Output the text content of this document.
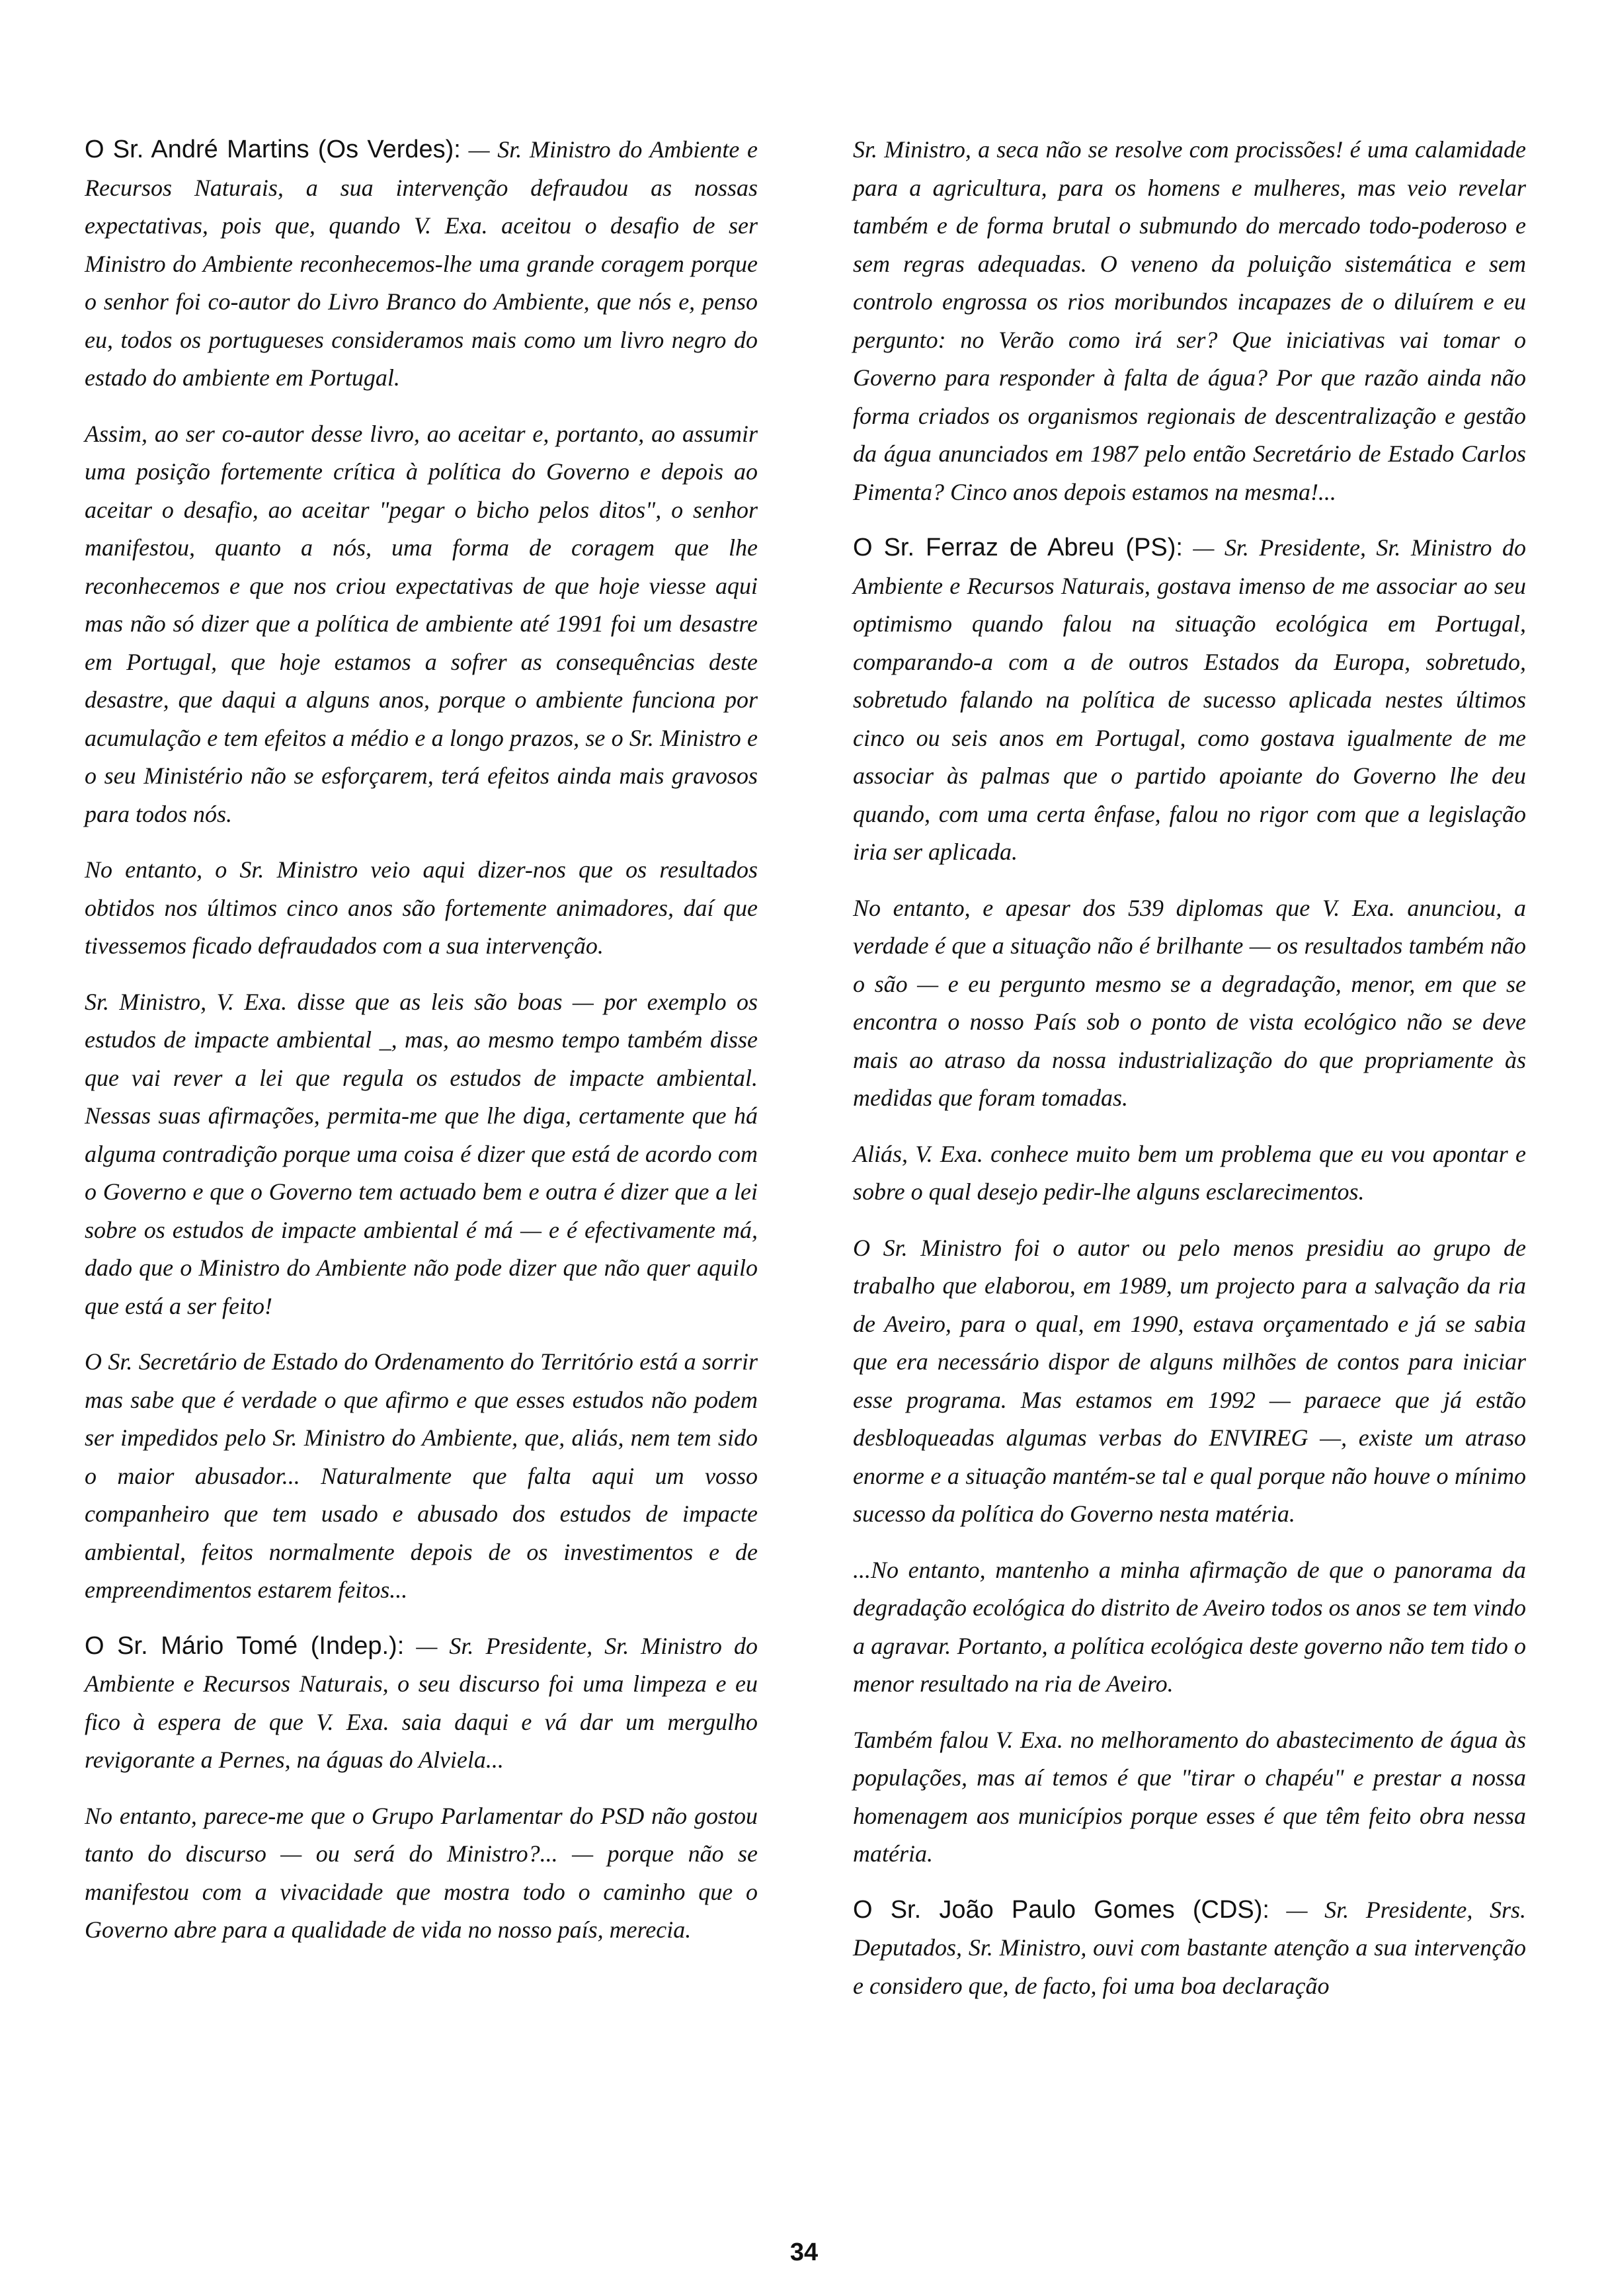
O Sr. André Martins (Os Verdes): — Sr. Ministro do Ambiente e Recursos Naturais, a sua intervenção defraudou as nossas expectativas, pois que, quando V. Exa. aceitou o desafio de ser Ministro do Ambiente reconhecemos-lhe uma grande coragem porque o senhor foi co-autor do Livro Branco do Ambiente, que nós e, penso eu, todos os portugueses consideramos mais como um livro negro do estado do ambiente em Portugal.

Assim, ao ser co-autor desse livro, ao aceitar e, portanto, ao assumir uma posição fortemente crítica à política do Governo e depois ao aceitar o desafio, ao aceitar "pegar o bicho pelos ditos", o senhor manifestou, quanto a nós, uma forma de coragem que lhe reconhecemos e que nos criou expectativas de que hoje viesse aqui mas não só dizer que a política de ambiente até 1991 foi um desastre em Portugal, que hoje estamos a sofrer as consequências deste desastre, que daqui a alguns anos, porque o ambiente funciona por acumulação e tem efeitos a médio e a longo prazos, se o Sr. Ministro e o seu Ministério não se esforçarem, terá efeitos ainda mais gravosos para todos nós.

No entanto, o Sr. Ministro veio aqui dizer-nos que os resultados obtidos nos últimos cinco anos são fortemente animadores, daí que tivessemos ficado defraudados com a sua intervenção.

Sr. Ministro, V. Exa. disse que as leis são boas — por exemplo os estudos de impacte ambiental _, mas, ao mesmo tempo também disse que vai rever a lei que regula os estudos de impacte ambiental. Nessas suas afirmações, permita-me que lhe diga, certamente que há alguma contradição porque uma coisa é dizer que está de acordo com o Governo e que o Governo tem actuado bem e outra é dizer que a lei sobre os estudos de impacte ambiental é má — e é efectivamente má, dado que o Ministro do Ambiente não pode dizer que não quer aquilo que está a ser feito!

O Sr. Secretário de Estado do Ordenamento do Território está a sorrir mas sabe que é verdade o que afirmo e que esses estudos não podem ser impedidos pelo Sr. Ministro do Ambiente, que, aliás, nem tem sido o maior abusador... Naturalmente que falta aqui um vosso companheiro que tem usado e abusado dos estudos de impacte ambiental, feitos normalmente depois de os investimentos e de empreendimentos estarem feitos...

O Sr. Mário Tomé (Indep.): — Sr. Presidente, Sr. Ministro do Ambiente e Recursos Naturais, o seu discurso foi uma limpeza e eu fico à espera de que V. Exa. saia daqui e vá dar um mergulho revigorante a Pernes, na águas do Alviela...

No entanto, parece-me que o Grupo Parlamentar do PSD não gostou tanto do discurso — ou será do Ministro?... — porque não se manifestou com a vivacidade que mostra todo o caminho que o Governo abre para a qualidade de vida no nosso país, merecia.

Sr. Ministro, a seca não se resolve com procissões! é uma calamidade para a agricultura, para os homens e mulheres, mas veio revelar também e de forma brutal o submundo do mercado todo-poderoso e sem regras adequadas. O veneno da poluição sistemática e sem controlo engrossa os rios moribundos incapazes de o diluírem e eu pergunto: no Verão como irá ser? Que iniciativas vai tomar o Governo para responder à falta de água? Por que razão ainda não forma criados os organismos regionais de descentralização e gestão da água anunciados em 1987 pelo então Secretário de Estado Carlos Pimenta? Cinco anos depois estamos na mesma!...

O Sr. Ferraz de Abreu (PS): — Sr. Presidente, Sr. Ministro do Ambiente e Recursos Naturais, gostava imenso de me associar ao seu optimismo quando falou na situação ecológica em Portugal, comparando-a com a de outros Estados da Europa, sobretudo, sobretudo falando na política de sucesso aplicada nestes últimos cinco ou seis anos em Portugal, como gostava igualmente de me associar às palmas que o partido apoiante do Governo lhe deu quando, com uma certa ênfase, falou no rigor com que a legislação iria ser aplicada.

No entanto, e apesar dos 539 diplomas que V. Exa. anunciou, a verdade é que a situação não é brilhante — os resultados também não o são — e eu pergunto mesmo se a degradação, menor, em que se encontra o nosso País sob o ponto de vista ecológico não se deve mais ao atraso da nossa industrialização do que propriamente às medidas que foram tomadas.

Aliás, V. Exa. conhece muito bem um problema que eu vou apontar e sobre o qual desejo pedir-lhe alguns esclarecimentos.

O Sr. Ministro foi o autor ou pelo menos presidiu ao grupo de trabalho que elaborou, em 1989, um projecto para a salvação da ria de Aveiro, para o qual, em 1990, estava orçamentado e já se sabia que era necessário dispor de alguns milhões de contos para iniciar esse programa. Mas estamos em 1992 — paraece que já estão desbloqueadas algumas verbas do ENVIREG —, existe um atraso enorme e a situação mantém-se tal e qual porque não houve o mínimo sucesso da política do Governo nesta matéria.

...No entanto, mantenho a minha afirmação de que o panorama da degradação ecológica do distrito de Aveiro todos os anos se tem vindo a agravar. Portanto, a política ecológica deste governo não tem tido o menor resultado na ria de Aveiro.

Também falou V. Exa. no melhoramento do abastecimento de água às populações, mas aí temos é que "tirar o chapéu" e prestar a nossa homenagem aos municípios porque esses é que têm feito obra nessa matéria.

O Sr. João Paulo Gomes (CDS): — Sr. Presidente, Srs. Deputados, Sr. Ministro, ouvi com bastante atenção a sua intervenção e considero que, de facto, foi uma boa declaração

34
